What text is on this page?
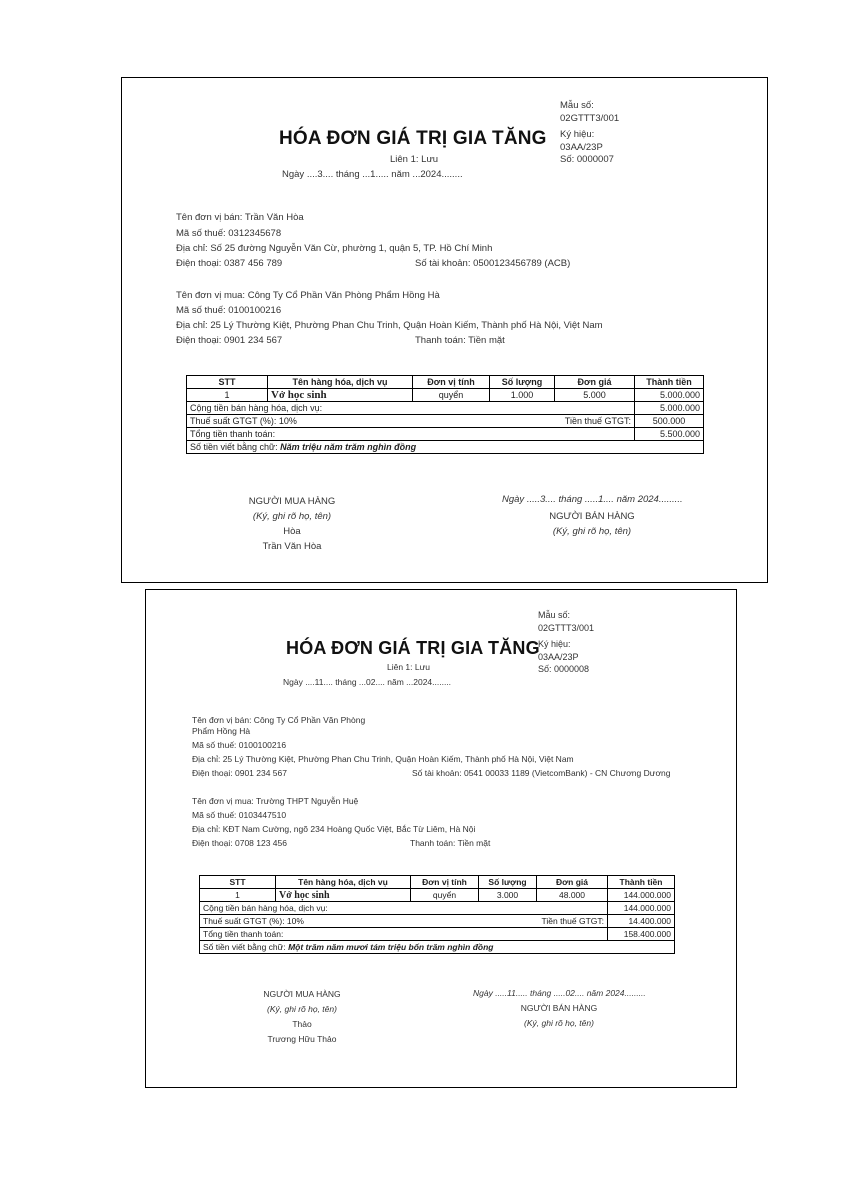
Mẫu số:
02GTTT3/001
Ký hiệu:
03AA/23P
Số: 0000007
HÓA ĐƠN GIÁ TRỊ GIA TĂNG
Liên 1: Lưu
Ngày ....3.... tháng ...1..... năm ...2024........
Tên đơn vị bán: Trần Văn Hòa
Mã số thuế: 0312345678
Địa chỉ: Số 25 đường Nguyễn Văn Cừ, phường 1, quận 5, TP. Hồ Chí Minh
Điện thoại: 0387 456 789	Số tài khoản: 0500123456789 (ACB)
Tên đơn vị mua: Công Ty Cổ Phần Văn Phòng Phẩm Hồng Hà
Mã số thuế: 0100100216
Địa chỉ: 25 Lý Thường Kiệt, Phường Phan Chu Trinh, Quận Hoàn Kiếm, Thành phố Hà Nội, Việt Nam
Điện thoại: 0901 234 567	Thanh toán: Tiền mặt
STT	Tên hàng hóa, dịch vụ	Đơn vị tính	Số lượng	Đơn giá	Thành tiền
1	Vở học sinh	quyển	1.000	5.000	5.000.000
Cộng tiền bán hàng hóa, dịch vụ:					5.000.000
Thuế suất GTGT (%): 10%			Tiền thuế GTGT:		500.000
Tổng tiền thanh toán:					5.500.000
Số tiền viết bằng chữ: Năm triệu năm trăm nghìn đồng					
NGƯỜI MUA HÀNG
(Ký, ghi rõ họ, tên)
Hòa
Trần Văn Hòa
Ngày .....3.... tháng .....1.... năm 2024.........
NGƯỜI BÁN HÀNG
(Ký, ghi rõ họ, tên)
Mẫu số:
02GTTT3/001
Ký hiệu:
03AA/23P
Số: 0000008
HÓA ĐƠN GIÁ TRỊ GIA TĂNG
Liên 1: Lưu
Ngày ....11.... tháng ...02.... năm ...2024........
Tên đơn vị bán: Công Ty Cổ Phần Văn Phòng
Phẩm Hồng Hà
Mã số thuế: 0100100216
Địa chỉ: 25 Lý Thường Kiệt, Phường Phan Chu Trinh, Quận Hoàn Kiếm, Thành phố Hà Nội, Việt Nam
Điện thoại: 0901 234 567	Số tài khoản: 0541 00033 1189 (VietcomBank) - CN Chương Dương
Tên đơn vị mua: Trường THPT Nguyễn Huệ
Mã số thuế: 0103447510
Địa chỉ: KĐT Nam Cường, ngõ 234 Hoàng Quốc Việt, Bắc Từ Liêm, Hà Nội
Điện thoại: 0708 123 456	Thanh toán: Tiền mặt
STT	Tên hàng hóa, dịch vụ	Đơn vị tính	Số lượng	Đơn giá	Thành tiền
1	Vở học sinh	quyển	3.000	48.000	144.000.000
Cộng tiền bán hàng hóa, dịch vụ:					144.000.000
Thuế suất GTGT (%): 10%			Tiền thuế GTGT:		14.400.000
Tổng tiền thanh toán:					158.400.000
Số tiền viết bằng chữ: Một trăm năm mươi tám triệu bốn trăm nghìn đồng					
NGƯỜI MUA HÀNG
(Ký, ghi rõ họ, tên)
Thảo
Trương Hữu Thảo
Ngày .....11..... tháng .....02.... năm 2024.........
NGƯỜI BÁN HÀNG
(Ký, ghi rõ họ, tên)
